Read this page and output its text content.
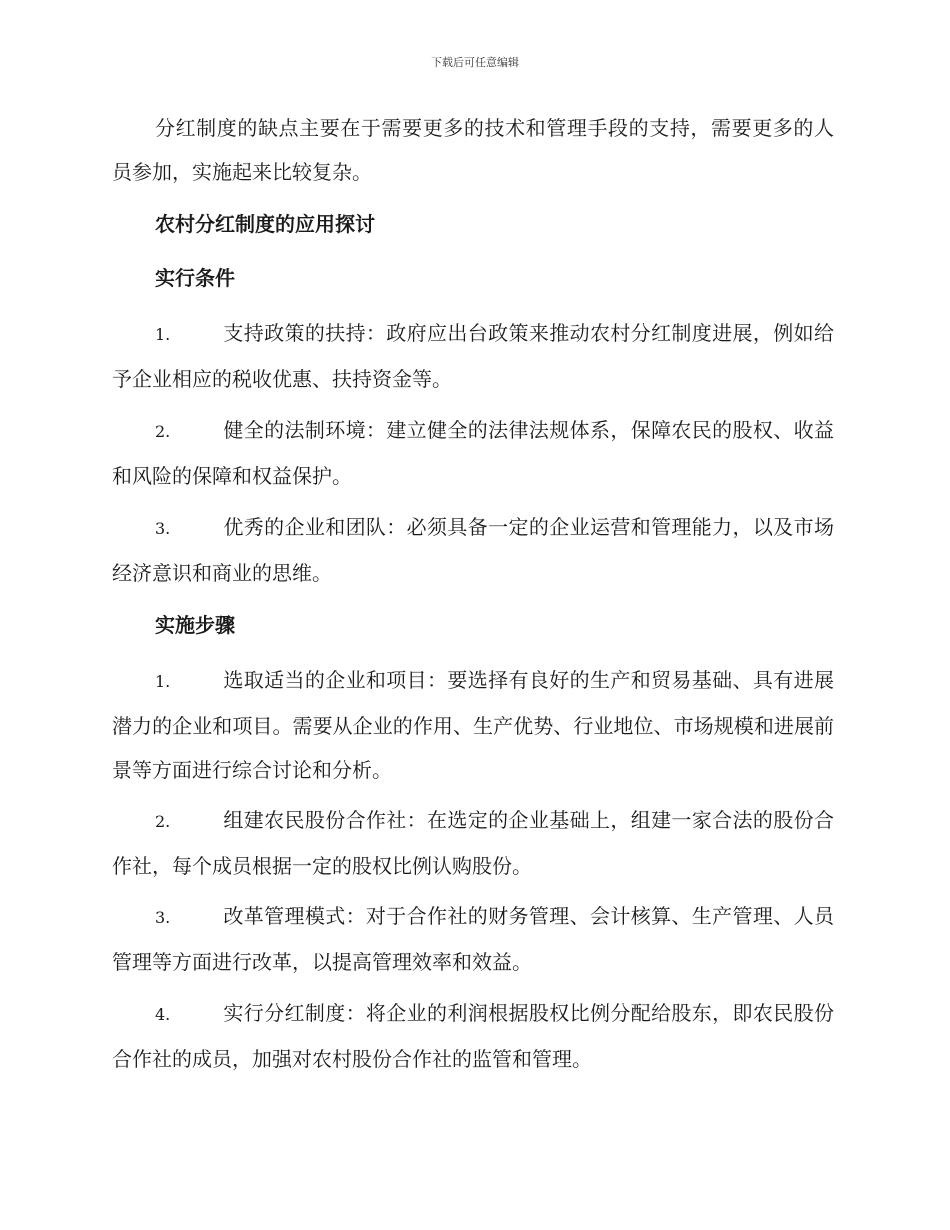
下载后可任意编辑

分红制度的缺点主要在于需要更多的技术和管理手段的支持，需要更多的人员参加，实施起来比较复杂。

农村分红制度的应用探讨
实行条件

1.	支持政策的扶持：政府应出台政策来推动农村分红制度进展，例如给予企业相应的税收优惠、扶持资金等。

2.	健全的法制环境：建立健全的法律法规体系，保障农民的股权、收益和风险的保障和权益保护。

3.	优秀的企业和团队：必须具备一定的企业运营和管理能力，以及市场经济意识和商业的思维。

实施步骤

1.	选取适当的企业和项目：要选择有良好的生产和贸易基础、具有进展潜力的企业和项目。需要从企业的作用、生产优势、行业地位、市场规模和进展前景等方面进行综合讨论和分析。

2.	组建农民股份合作社：在选定的企业基础上，组建一家合法的股份合作社，每个成员根据一定的股权比例认购股份。

3.	改革管理模式：对于合作社的财务管理、会计核算、生产管理、人员管理等方面进行改革，以提高管理效率和效益。

4.	实行分红制度：将企业的利润根据股权比例分配给股东，即农民股份合作社的成员，加强对农村股份合作社的监管和管理。
